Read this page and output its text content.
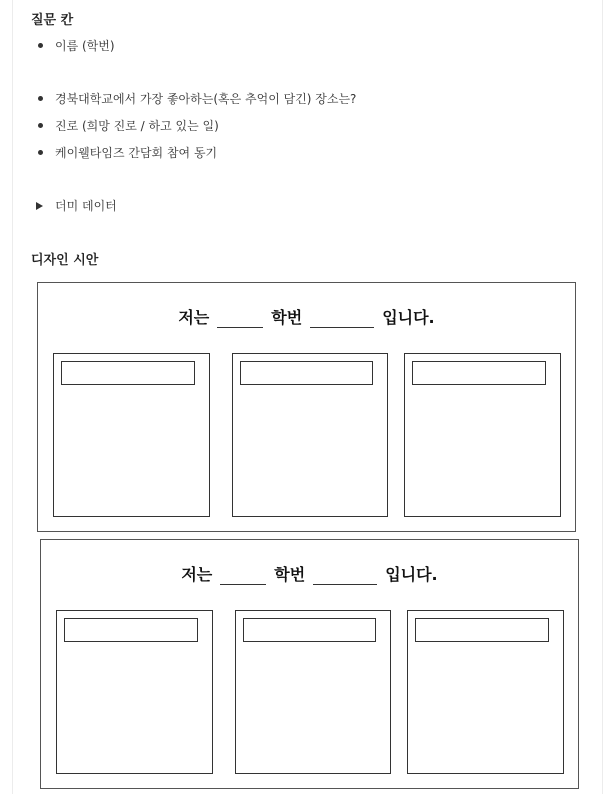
질문 칸
이름 (학번)
경북대학교에서 가장 좋아하는(혹은 추억이 담긴) 장소는?
진로 (희망 진로 / 하고 있는 일)
케이웰타임즈 간담회 참여 동기
더미 데이터
디자인 시안
저는	학번	입니다.
저는	학번	입니다.
